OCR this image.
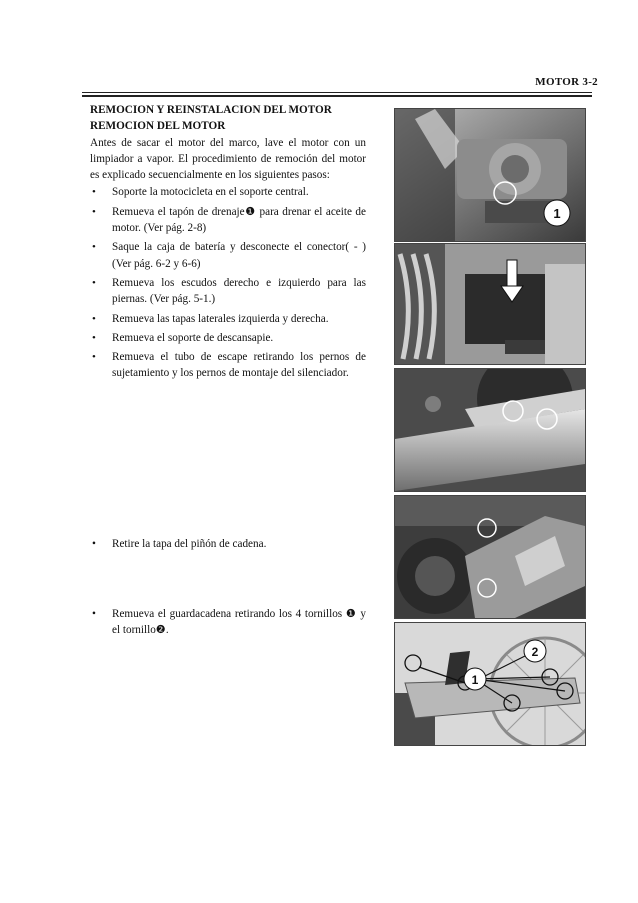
MOTOR 3-2
REMOCION Y REINSTALACION DEL MOTOR
REMOCION DEL MOTOR
Antes de sacar el motor del marco, lave el motor con un limpiador a vapor. El procedimiento de remoción del motor es explicado secuencialmente en los siguientes pasos:
• Soporte la motocicleta en el soporte central.
• Remueva el tapón de drenaje❶ para drenar el aceite de motor. (Ver pág. 2-8)
• Saque la caja de batería y desconecte el conector( - ) (Ver pág. 6-2 y 6-6)
• Remueva los escudos derecho e izquierdo para las piernas. (Ver pág. 5-1.)
• Remueva las tapas laterales izquierda y derecha.
• Remueva el soporte de descansapie.
• Remueva el tubo de escape retirando los pernos de sujetamiento y los pernos de montaje del silenciador.
•	Retire la tapa del piñón de cadena.
•	Remueva el guardacadena retirando los 4 tornillos ❶ y el tornillo❷.
1
1
2
